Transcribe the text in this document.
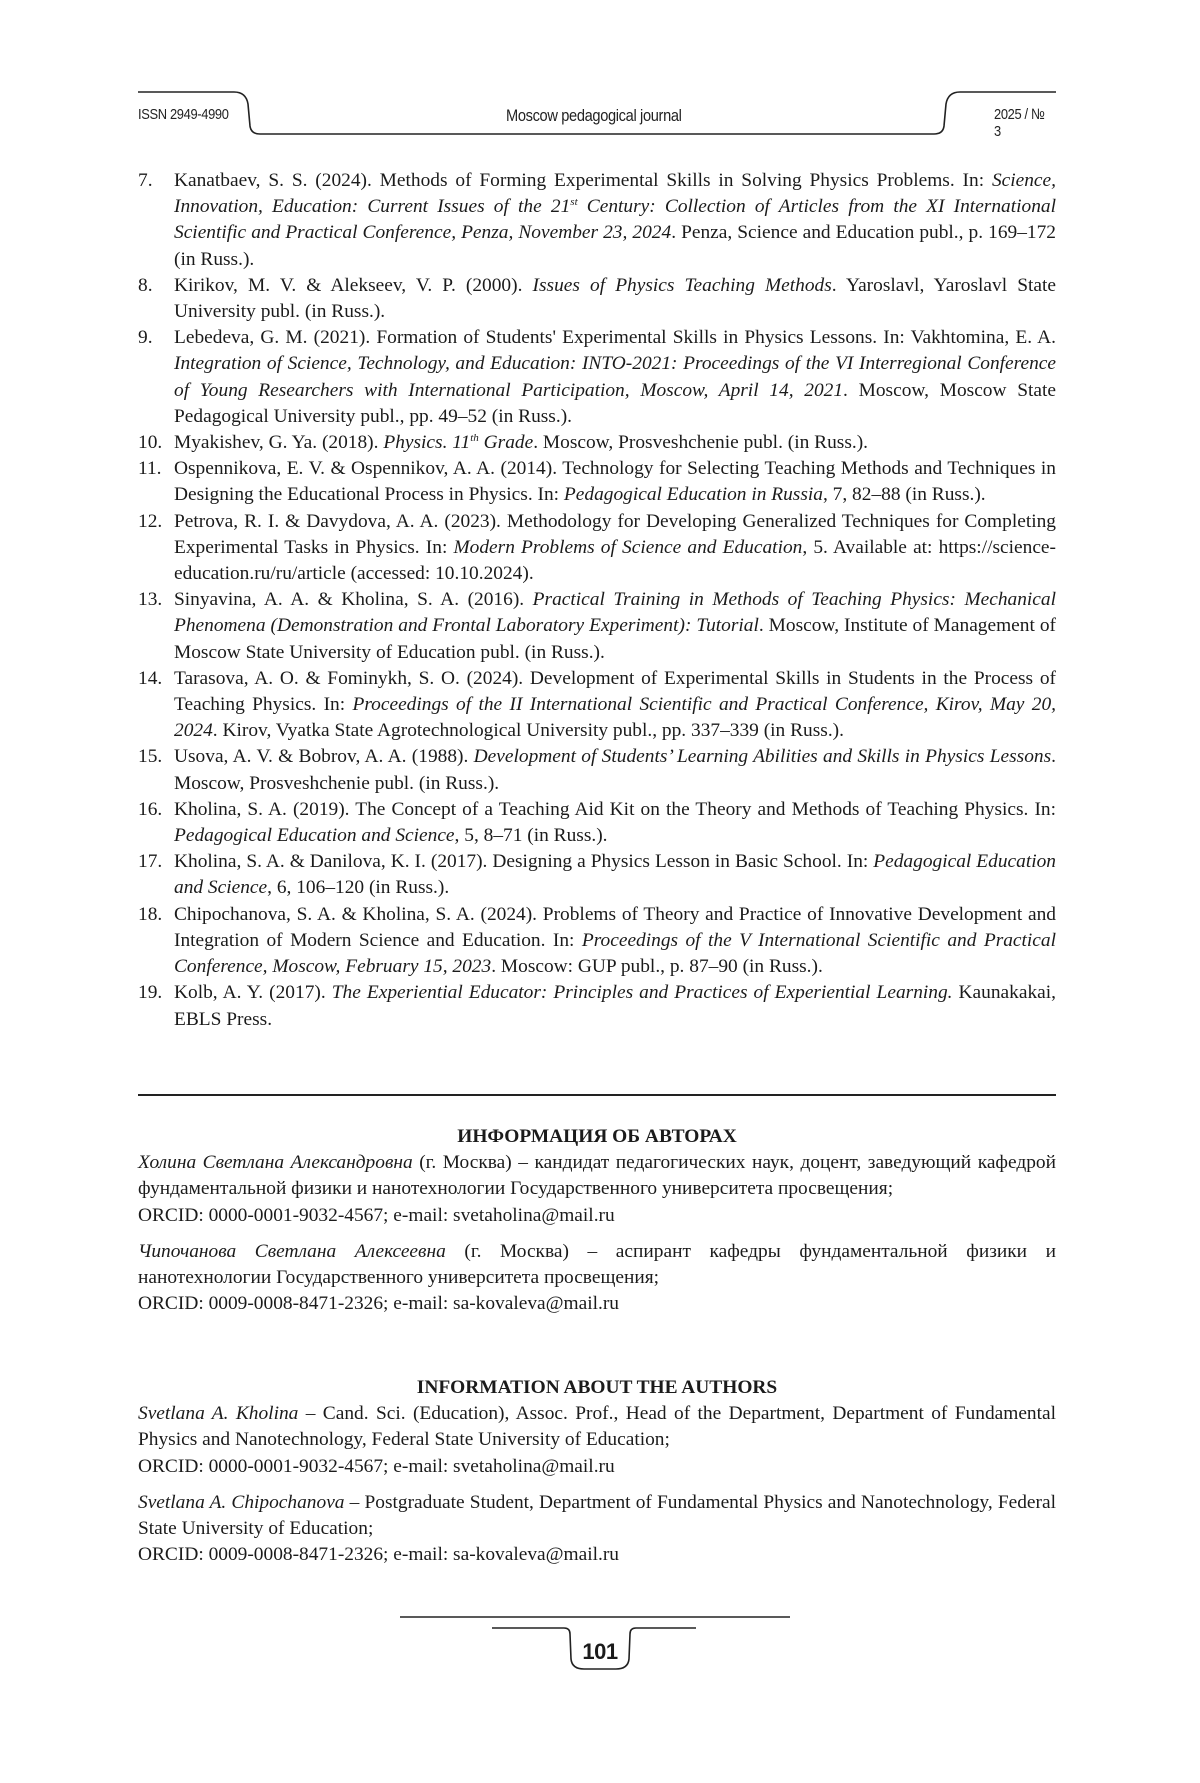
ISSN 2949-4990	Moscow pedagogical journal	2025 / № 3
7. Kanatbaev, S. S. (2024). Methods of Forming Experimental Skills in Solving Physics Problems. In: Science, Innovation, Education: Current Issues of the 21st Century: Collection of Articles from the XI International Scientific and Practical Conference, Penza, November 23, 2024. Penza, Science and Education publ., p. 169–172 (in Russ.).
8. Kirikov, M. V. & Alekseev, V. P. (2000). Issues of Physics Teaching Methods. Yaroslavl, Yaroslavl State University publ. (in Russ.).
9. Lebedeva, G. M. (2021). Formation of Students' Experimental Skills in Physics Lessons. In: Vakhtomina, E. A. Integration of Science, Technology, and Education: INTO-2021: Proceedings of the VI Interregional Conference of Young Researchers with International Participation, Moscow, April 14, 2021. Moscow, Moscow State Pedagogical University publ., pp. 49–52 (in Russ.).
10. Myakishev, G. Ya. (2018). Physics. 11th Grade. Moscow, Prosveshchenie publ. (in Russ.).
11. Ospennikova, E. V. & Ospennikov, A. A. (2014). Technology for Selecting Teaching Methods and Techniques in Designing the Educational Process in Physics. In: Pedagogical Education in Russia, 7, 82–88 (in Russ.).
12. Petrova, R. I. & Davydova, A. A. (2023). Methodology for Developing Generalized Techniques for Completing Experimental Tasks in Physics. In: Modern Problems of Science and Education, 5. Available at: https://science-education.ru/ru/article (accessed: 10.10.2024).
13. Sinyavina, A. A. & Kholina, S. A. (2016). Practical Training in Methods of Teaching Physics: Mechanical Phenomena (Demonstration and Frontal Laboratory Experiment): Tutorial. Moscow, Institute of Management of Moscow State University of Education publ. (in Russ.).
14. Tarasova, A. O. & Fominykh, S. O. (2024). Development of Experimental Skills in Students in the Process of Teaching Physics. In: Proceedings of the II International Scientific and Practical Conference, Kirov, May 20, 2024. Kirov, Vyatka State Agrotechnological University publ., pp. 337–339 (in Russ.).
15. Usova, A. V. & Bobrov, A. A. (1988). Development of Students’ Learning Abilities and Skills in Physics Lessons. Moscow, Prosveshchenie publ. (in Russ.).
16. Kholina, S. A. (2019). The Concept of a Teaching Aid Kit on the Theory and Methods of Teaching Physics. In: Pedagogical Education and Science, 5, 8–71 (in Russ.).
17. Kholina, S. A. & Danilova, K. I. (2017). Designing a Physics Lesson in Basic School. In: Pedagogical Education and Science, 6, 106–120 (in Russ.).
18. Chipochanova, S. A. & Kholina, S. A. (2024). Problems of Theory and Practice of Innovative Development and Integration of Modern Science and Education. In: Proceedings of the V International Scientific and Practical Conference, Moscow, February 15, 2023. Moscow: GUP publ., p. 87–90 (in Russ.).
19. Kolb, A. Y. (2017). The Experiential Educator: Principles and Practices of Experiential Learning. Kaunakakai, EBLS Press.
ИНФОРМАЦИЯ ОБ АВТОРАХ

Холина Светлана Александровна (г. Москва) – кандидат педагогических наук, доцент, заведующий кафедрой фундаментальной физики и нанотехнологии Государственного университета просвещения;

ORCID: 0000-0001-9032-4567; e-mail: svetaholina@mail.ru

Чипочанова Светлана Алексеевна (г. Москва) – аспирант кафедры фундаментальной физики и нанотехнологии Государственного университета просвещения;

ORCID: 0009-0008-8471-2326; e-mail: sa-kovaleva@mail.ru

INFORMATION ABOUT THE AUTHORS

Svetlana A. Kholina – Cand. Sci. (Education), Assoc. Prof., Head of the Department, Department of Fundamental Physics and Nanotechnology, Federal State University of Education;

ORCID: 0000-0001-9032-4567; e-mail: svetaholina@mail.ru

Svetlana A. Chipochanova – Postgraduate Student, Department of Fundamental Physics and Nanotechnology, Federal State University of Education;

ORCID: 0009-0008-8471-2326; e-mail: sa-kovaleva@mail.ru

101
